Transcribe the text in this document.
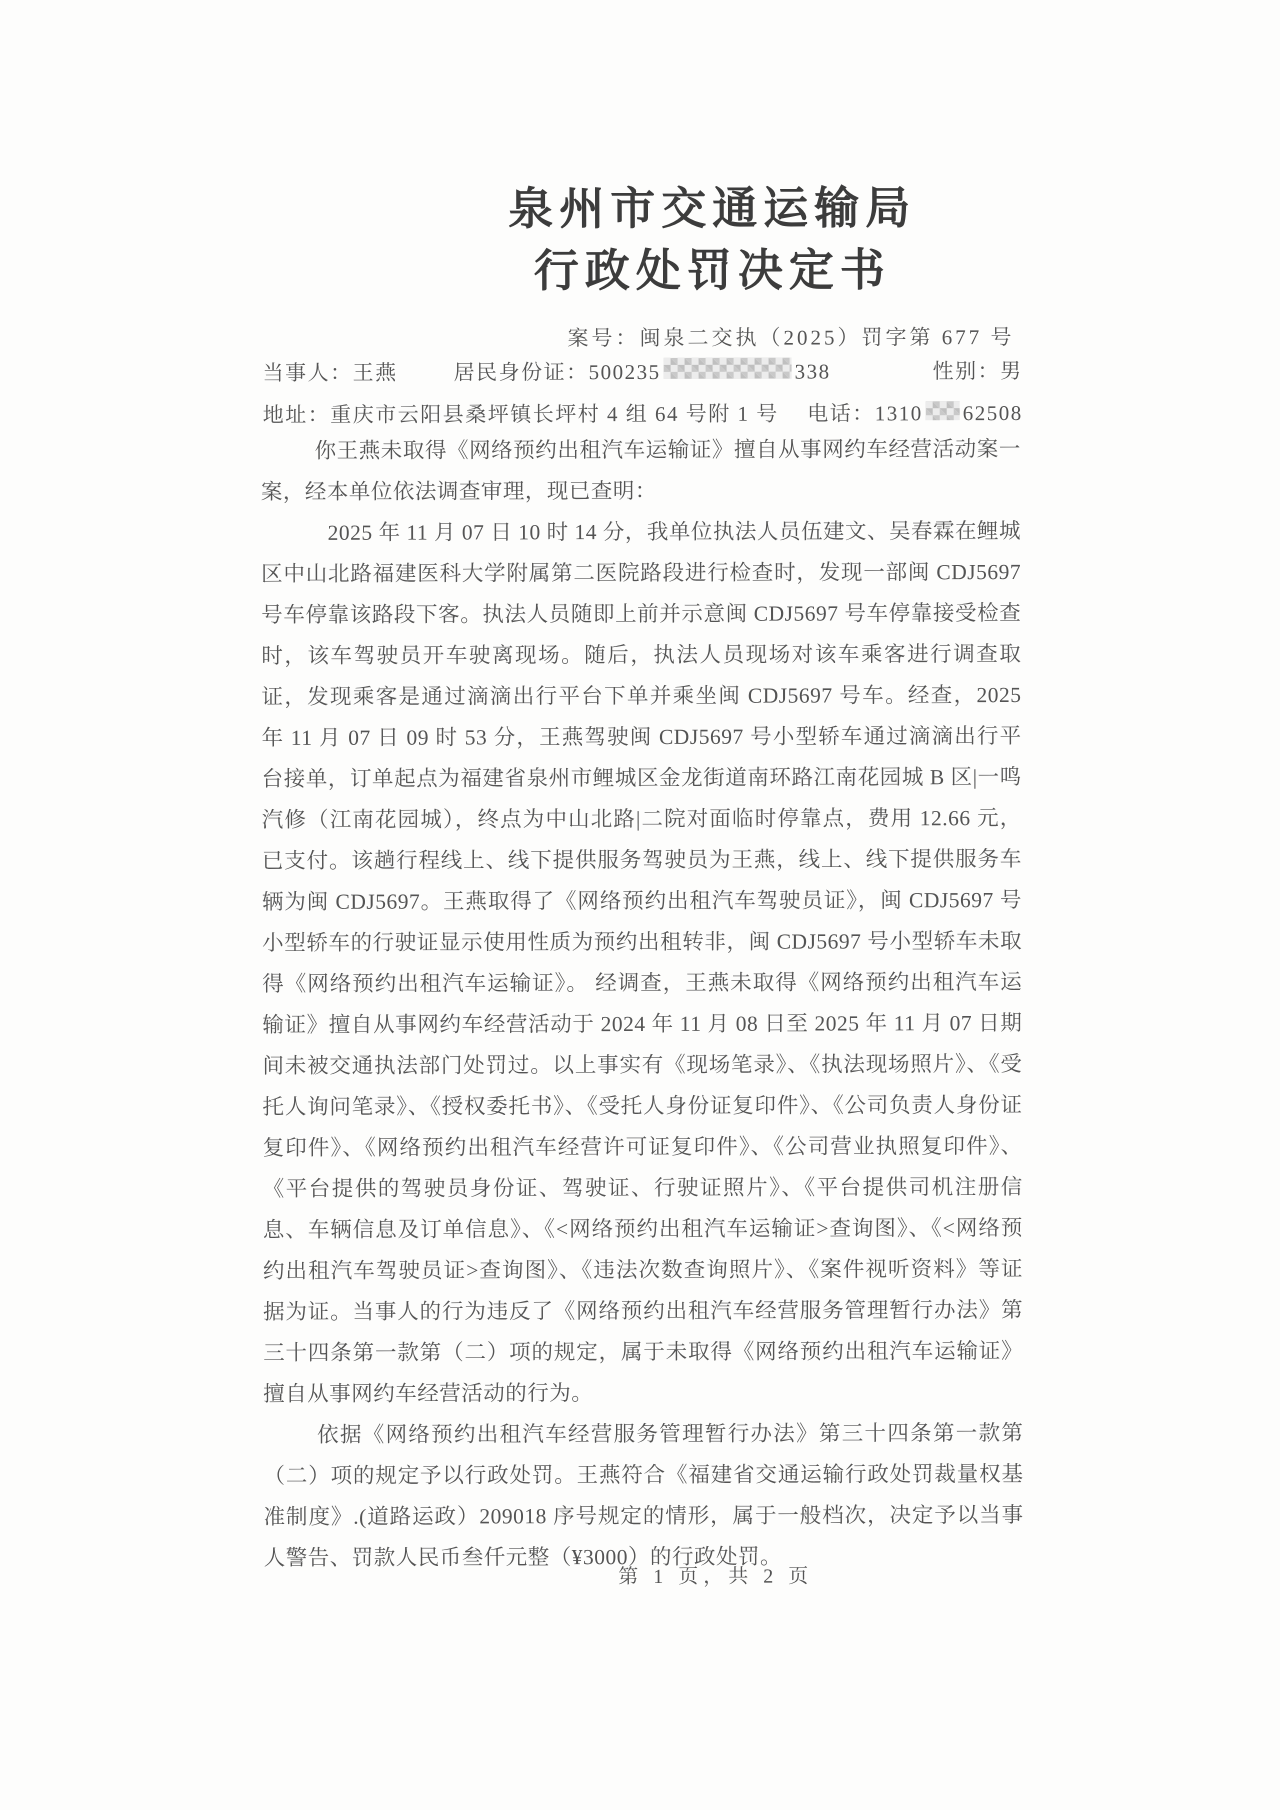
泉州市交通运输局
行政处罚决定书
案号：闽泉二交执（2025）罚字第 677 号
当事人： 王燕	居民身份证： 500235	338	性别： 男
地址： 重庆市云阳县桑坪镇长坪村 4 组 64 号附 1 号 电话： 1310 62508

你王燕未取得《网络预约出租汽车运输证》擅自从事网约车经营活动案一案，经本单位依法调查审理，现已查明：

2025 年 11 月 07 日 10 时 14 分，我单位执法人员伍建文、吴春霖在鲤城区中山北路福建医科大学附属第二医院路段进行检查时，发现一部闽 CDJ5697 号车停靠该路段下客。执法人员随即上前并示意闽 CDJ5697 号车停靠接受检查时，该车驾驶员开车驶离现场。随后，执法人员现场对该车乘客进行调查取证，发现乘客是通过滴滴出行平台下单并乘坐闽 CDJ5697 号车。经查，2025 年 11 月 07 日 09 时 53 分，王燕驾驶闽 CDJ5697 号小型轿车通过滴滴出行平台接单，订单起点为福建省泉州市鲤城区金龙街道南环路江南花园城 B 区|一鸣汽修（江南花园城），终点为中山北路|二院对面临时停靠点，费用 12.66 元，已支付。该趟行程线上、线下提供服务驾驶员为王燕，线上、线下提供服务车辆为闽 CDJ5697。王燕取得了《网络预约出租汽车驾驶员证》，闽 CDJ5697 号小型轿车的行驶证显示使用性质为预约出租转非，闽 CDJ5697 号小型轿车未取得《网络预约出租汽车运输证》。 经调查，王燕未取得《网络预约出租汽车运输证》擅自从事网约车经营活动于 2024 年 11 月 08 日至 2025 年 11 月 07 日期间未被交通执法部门处罚过。以上事实有《现场笔录》、《执法现场照片》、《受托人询问笔录》、《授权委托书》、《受托人身份证复印件》、《公司负责人身份证复印件》、《网络预约出租汽车经营许可证复印件》、《公司营业执照复印件》、《平台提供的驾驶员身份证、驾驶证、行驶证照片》、《平台提供司机注册信息、车辆信息及订单信息》、《<网络预约出租汽车运输证>查询图》、《<网络预约出租汽车驾驶员证>查询图》、《违法次数查询照片》、《案件视听资料》等证据为证。当事人的行为违反了《网络预约出租汽车经营服务管理暂行办法》第三十四条第一款第（二）项的规定，属于未取得《网络预约出租汽车运输证》擅自从事网约车经营活动的行为。

依据《网络预约出租汽车经营服务管理暂行办法》第三十四条第一款第（二）项的规定予以行政处罚。王燕符合《福建省交通运输行政处罚裁量权基准制度》.(道路运政）209018 序号规定的情形，属于一般档次，决定予以当事人警告、罚款人民币叁仟元整（¥3000）的行政处罚。

第 1 页，共 2 页
